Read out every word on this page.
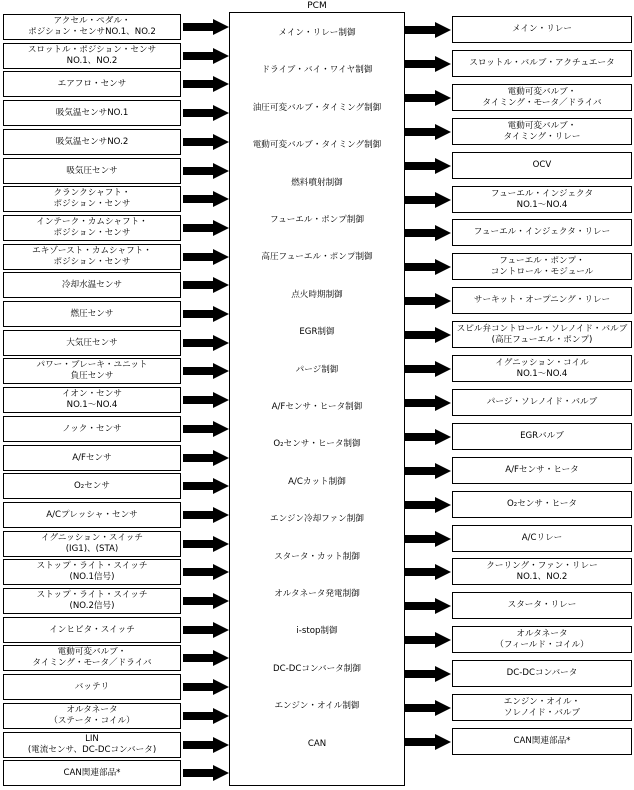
PCM
アクセル・ペダル・
ポジション・センサNO.1、NO.2
スロットル・ポジション・センサ
NO.1、NO.2
エアフロ・センサ
吸気温センサNO.1
吸気温センサNO.2
吸気圧センサ
クランクシャフト・
ポジション・センサ
インテーク・カムシャフト・
ポジション・センサ
エキゾースト・カムシャフト・
ポジション・センサ
冷却水温センサ
燃圧センサ
大気圧センサ
パワー・ブレーキ・ユニット
負圧センサ
イオン・センサ
NO.1〜NO.4
ノック・センサ
A/Fセンサ
O₂センサ
A/Cプレッシャ・センサ
イグニッション・スイッチ
(IG1)、(STA)
ストップ・ライト・スイッチ
(NO.1信号)
ストップ・ライト・スイッチ
(NO.2信号)
インヒビタ・スイッチ
電動可変バルブ・
タイミング・モータ／ドライバ
バッテリ
オルタネータ
（ステータ・コイル）
LIN
(電流センサ、DC-DCコンバータ)
CAN関連部品*
メイン・リレー
スロットル・バルブ・アクチュエータ
電動可変バルブ・
タイミング・モータ／ドライバ
電動可変バルブ・
タイミング・リレー
OCV
フューエル・インジェクタ
NO.1〜NO.4
フューエル・インジェクタ・リレー
フューエル・ポンプ・
コントロール・モジュール
サーキット・オープニング・リレー
スピル弁コントロール・ソレノイド・バルブ
(高圧フューエル・ポンプ)
イグニッション・コイル
NO.1〜NO.4
パージ・ソレノイド・バルブ
EGRバルブ
A/Fセンサ・ヒータ
O₂センサ・ヒータ
A/Cリレー
クーリング・ファン・リレー
NO.1、NO.2
スタータ・リレー
オルタネータ
（フィールド・コイル）
DC-DCコンバータ
エンジン・オイル・
ソレノイド・バルブ
CAN関連部品*
メイン・リレー制御
ドライブ・バイ・ワイヤ制御
油圧可変バルブ・タイミング制御
電動可変バルブ・タイミング制御
燃料噴射制御
フューエル・ポンプ制御
高圧フューエル・ポンプ制御
点火時期制御
EGR制御
パージ制御
A/Fセンサ・ヒータ制御
O₂センサ・ヒータ制御
A/Cカット制御
エンジン冷却ファン制御
スタータ・カット制御
オルタネータ発電制御
i-stop制御
DC-DCコンバータ制御
エンジン・オイル制御
CAN
